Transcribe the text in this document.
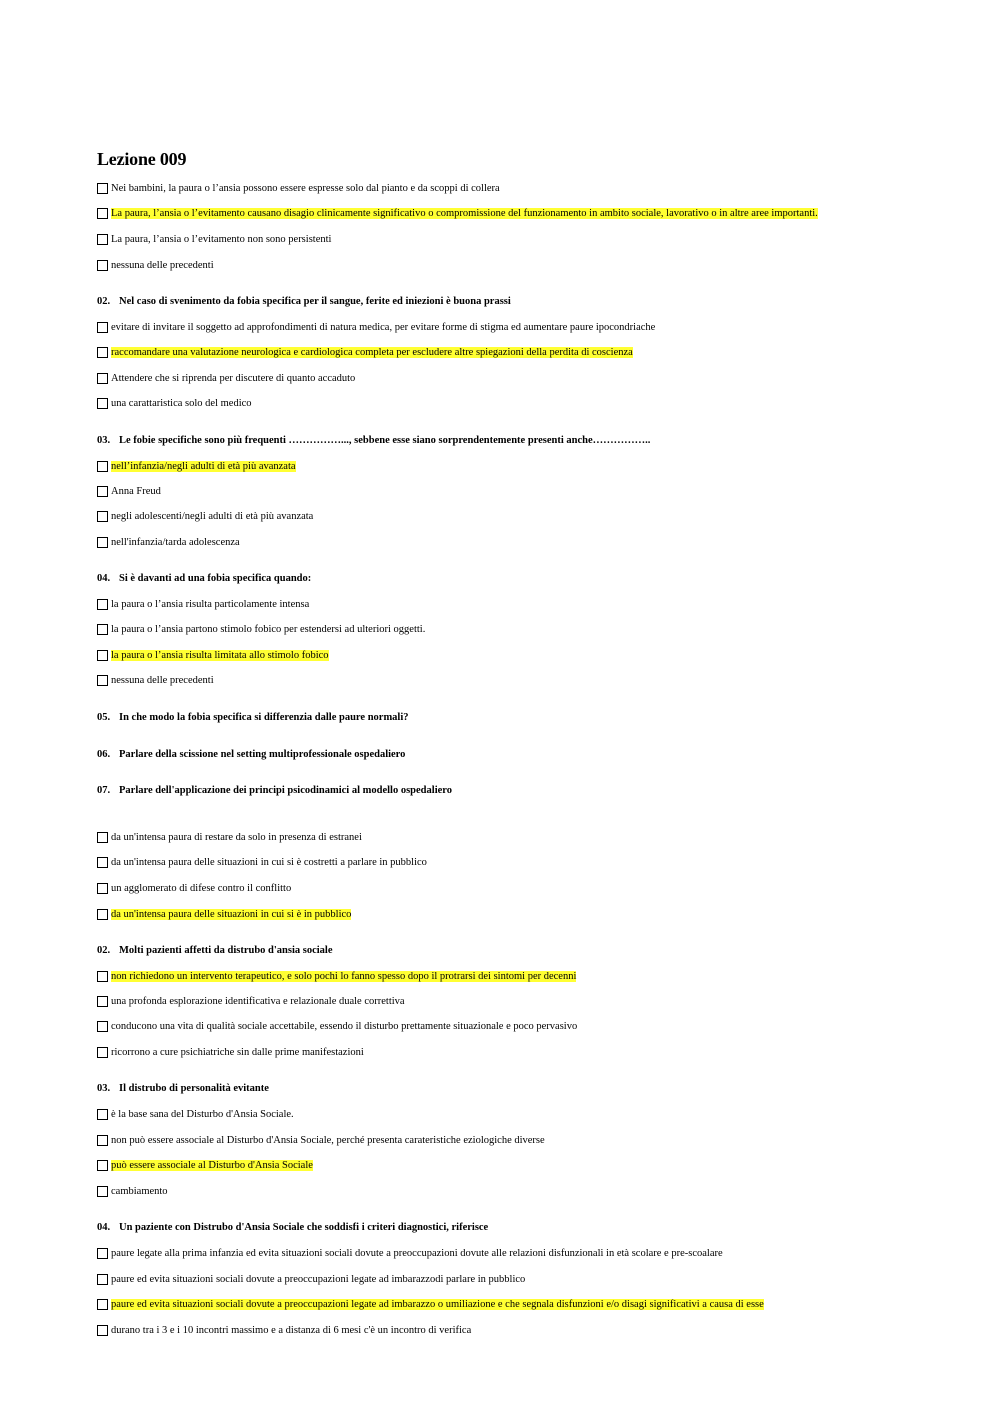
Lezione 009
Nei bambini, la paura o l’ansia possono essere espresse solo dal pianto e da scoppi di collera
La paura, l’ansia o l’evitamento causano disagio clinicamente significativo o compromissione del funzionamento in ambito sociale, lavorativo o in altre aree importanti.
La paura, l’ansia o l’evitamento non sono persistenti
nessuna delle precedenti
02. Nel caso di svenimento da fobia specifica per il sangue, ferite ed iniezioni è buona prassi
evitare di invitare il soggetto ad approfondimenti di natura medica, per evitare forme di stigma ed aumentare paure ipocondriache
raccomandare una valutazione neurologica e cardiologica completa per escludere altre spiegazioni della perdita di coscienza
Attendere che si riprenda per discutere di quanto accaduto
una carattaristica solo del medico
03. Le fobie specifiche sono più frequenti ……………..., sebbene esse siano sorprendentemente presenti anche……………..
nell’infanzia/negli adulti di età più avanzata
Anna Freud
negli adolescenti/negli adulti di età più avanzata
nell'infanzia/tarda adolescenza
04. Si è davanti ad una fobia specifica quando:
la paura o l’ansia risulta particolamente intensa
la paura o l’ansia partono stimolo fobico per estendersi ad ulteriori oggetti.
la paura o l’ansia risulta limitata allo stimolo fobico
nessuna delle precedenti
05. In che modo la fobia specifica si differenzia dalle paure normali?
06. Parlare della scissione nel setting multiprofessionale ospedaliero
07. Parlare dell'applicazione dei principi psicodinamici al modello ospedaliero
da un'intensa paura di restare da solo in presenza di estranei
da un'intensa paura delle situazioni in cui si è costretti a parlare in pubblico
un agglomerato di difese contro il conflitto
da un'intensa paura delle situazioni in cui si è in pubblico
02. Molti pazienti affetti da distrubo d'ansia sociale
non richiedono un intervento terapeutico, e solo pochi lo fanno spesso dopo il protrarsi dei sintomi per decenni
una profonda esplorazione identificativa e relazionale duale correttiva
conducono una vita di qualità sociale accettabile, essendo il disturbo prettamente situazionale e poco pervasivo
ricorrono a cure psichiatriche sin dalle prime manifestazioni
03. Il distrubo di personalità evitante
è la base sana del Disturbo d'Ansia Sociale.
non può essere associale al Disturbo d'Ansia Sociale, perché presenta carateristiche eziologiche diverse
può essere associale al Disturbo d'Ansia Sociale
cambiamento
04. Un paziente con Distrubo d'Ansia Sociale che soddisfi i criteri diagnostici, riferisce
paure legate alla prima infanzia ed evita situazioni sociali dovute a preoccupazioni dovute alle relazioni disfunzionali in età scolare e pre-scoalare
paure ed evita situazioni sociali dovute a preoccupazioni legate ad imbarazzodi parlare in pubblico
paure ed evita situazioni sociali dovute a preoccupazioni legate ad imbarazzo o umiliazione e che segnala disfunzioni e/o disagi significativi a causa di esse
durano tra i 3 e i 10 incontri massimo e a distanza di 6 mesi c'è un incontro di verifica
